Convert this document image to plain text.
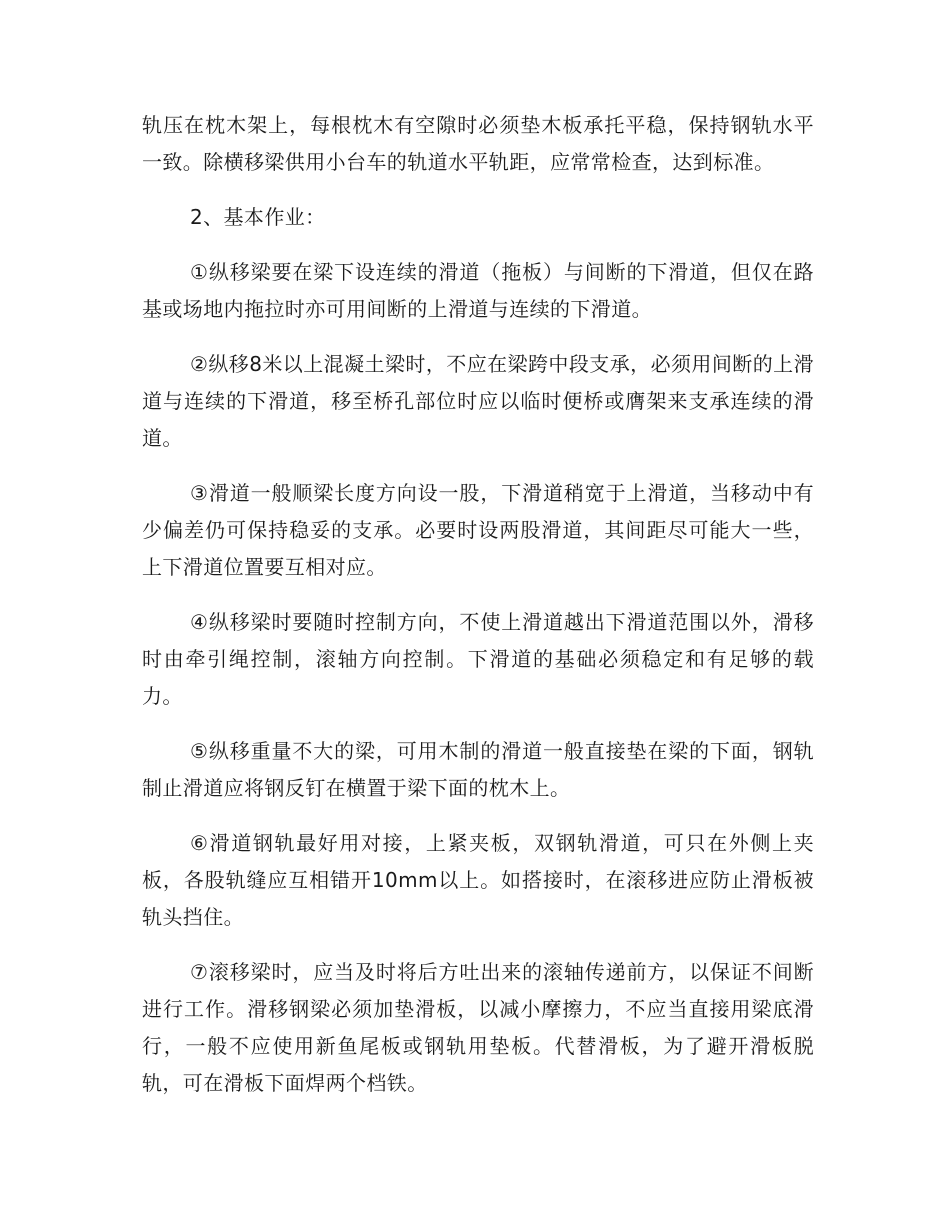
轨压在枕木架上，每根枕木有空隙时必须垫木板承托平稳，保持钢轨水平一致。除横移梁供用小台车的轨道水平轨距，应常常检查，达到标准。

2、基本作业：

①纵移梁要在梁下设连续的滑道（拖板）与间断的下滑道，但仅在路基或场地内拖拉时亦可用间断的上滑道与连续的下滑道。

②纵移8米以上混凝土梁时，不应在梁跨中段支承，必须用间断的上滑道与连续的下滑道，移至桥孔部位时应以临时便桥或膺架来支承连续的滑道。

③滑道一般顺梁长度方向设一股，下滑道稍宽于上滑道，当移动中有少偏差仍可保持稳妥的支承。必要时设两股滑道，其间距尽可能大一些，上下滑道位置要互相对应。

④纵移梁时要随时控制方向，不使上滑道越出下滑道范围以外，滑移时由牵引绳控制，滚轴方向控制。下滑道的基础必须稳定和有足够的载力。

⑤纵移重量不大的梁，可用木制的滑道一般直接垫在梁的下面，钢轨制止滑道应将钢反钉在横置于梁下面的枕木上。

⑥滑道钢轨最好用对接，上紧夹板，双钢轨滑道，可只在外侧上夹板，各股轨缝应互相错开10mm以上。如搭接时，在滚移进应防止滑板被轨头挡住。

⑦滚移梁时，应当及时将后方吐出来的滚轴传递前方，以保证不间断进行工作。滑移钢梁必须加垫滑板，以减小摩擦力，不应当直接用梁底滑行，一般不应使用新鱼尾板或钢轨用垫板。代替滑板，为了避开滑板脱轨，可在滑板下面焊两个档铁。
